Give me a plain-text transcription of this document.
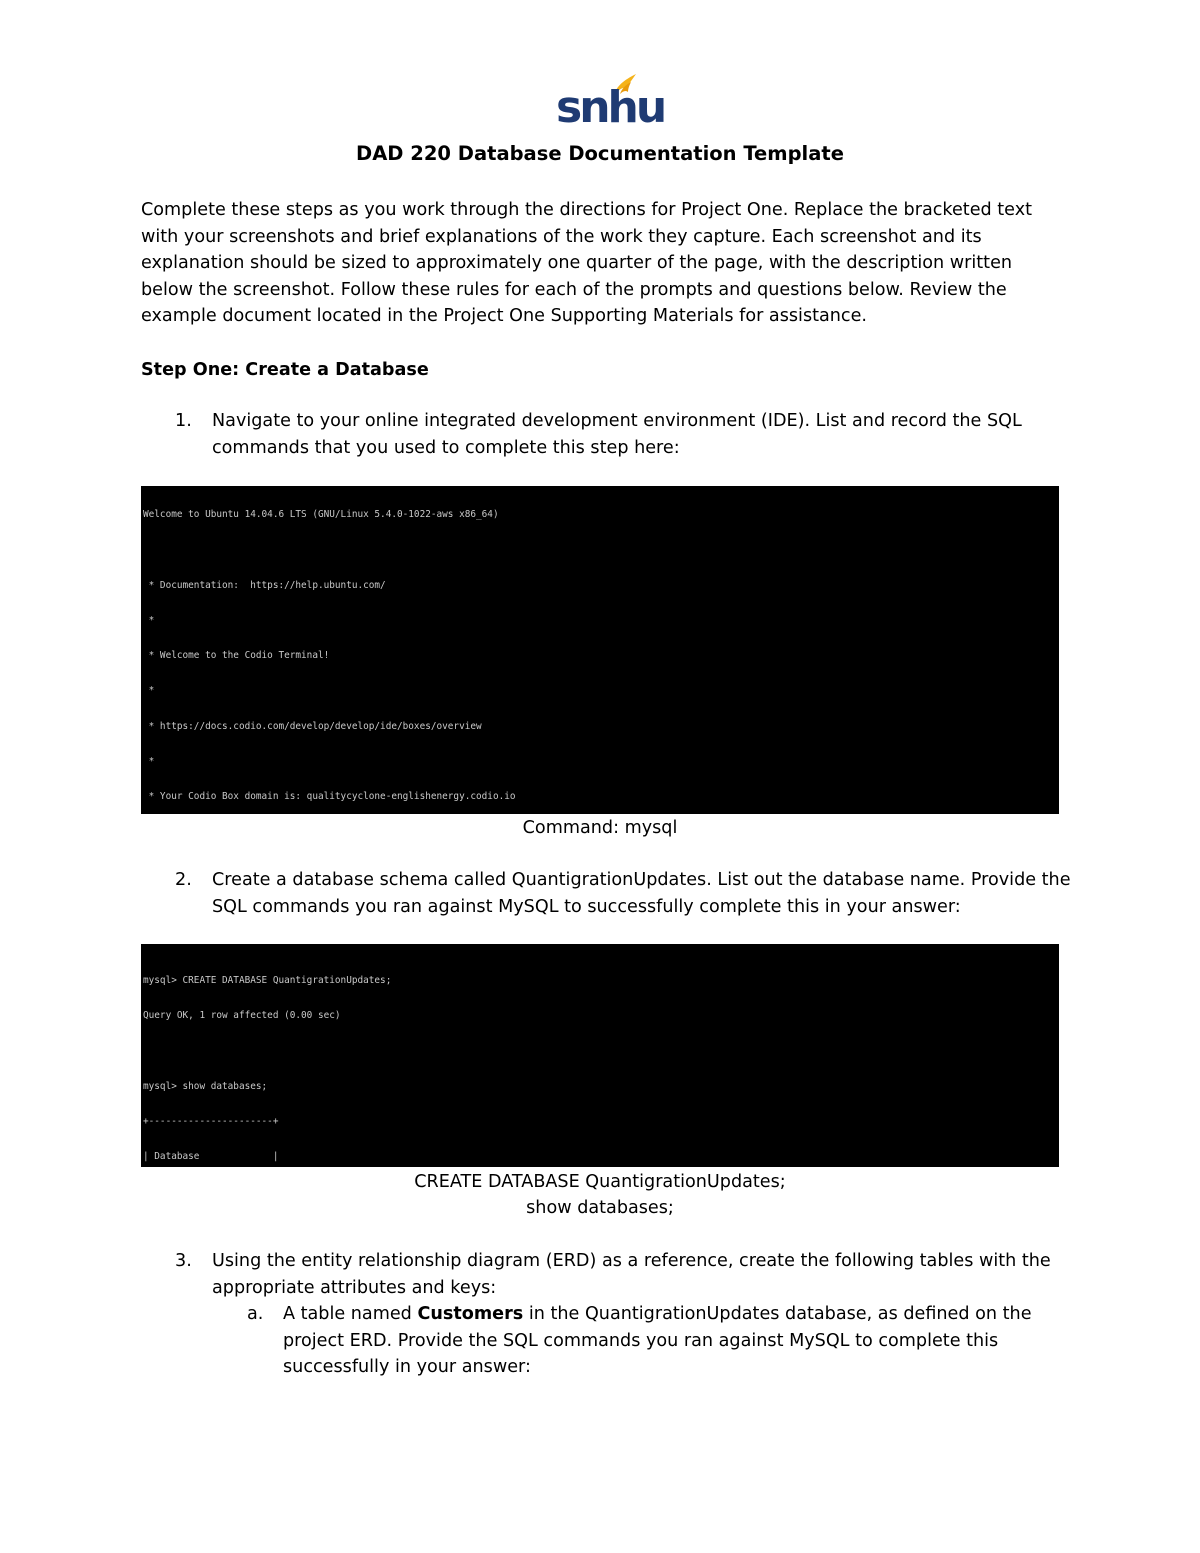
snhu
DAD 220 Database Documentation Template
Complete these steps as you work through the directions for Project One. Replace the bracketed text
with your screenshots and brief explanations of the work they capture. Each screenshot and its
explanation should be sized to approximately one quarter of the page, with the description written
below the screenshot. Follow these rules for each of the prompts and questions below. Review the
example document located in the Project One Supporting Materials for assistance.
Step One: Create a Database
1. Navigate to your online integrated development environment (IDE). List and record the SQL
commands that you used to complete this step here:

Welcome to Ubuntu 14.04.6 LTS (GNU/Linux 5.4.0-1022-aws x86_64)

* Documentation:  https://help.ubuntu.com/

*

* Welcome to the Codio Terminal!

*

* https://docs.codio.com/develop/develop/ide/boxes/overview

*

* Your Codio Box domain is: qualitycyclone-englishenergy.codio.io

Command: mysql
2. Create a database schema called QuantigrationUpdates. List out the database name. Provide the
SQL commands you ran against MySQL to successfully complete this in your answer:

mysql> CREATE DATABASE QuantigrationUpdates;

Query OK, 1 row affected (0.00 sec)

mysql> show databases;

+----------------------+

| Database             |

CREATE DATABASE QuantigrationUpdates;
show databases;
3. Using the entity relationship diagram (ERD) as a reference, create the following tables with the
appropriate attributes and keys:
a. A table named Customers in the QuantigrationUpdates database, as defined on the
project ERD. Provide the SQL commands you ran against MySQL to complete this
successfully in your answer:
